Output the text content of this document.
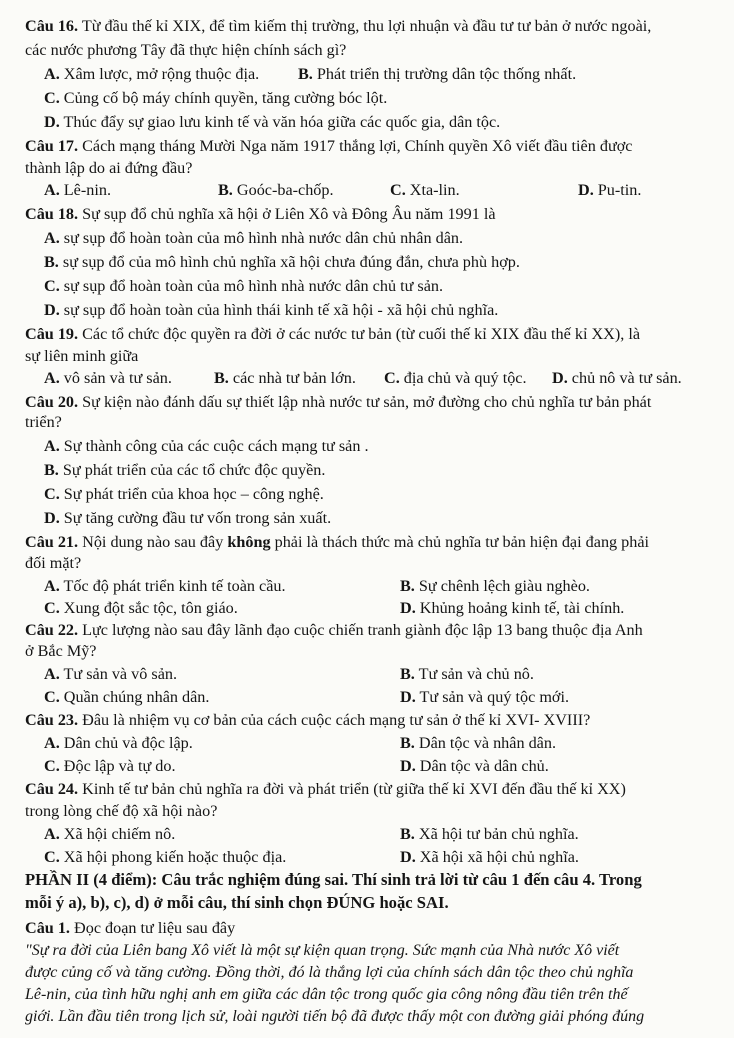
Câu 16. Từ đầu thế kỉ XIX, để tìm kiếm thị trường, thu lợi nhuận và đầu tư tư bản ở nước ngoài,
các nước phương Tây đã thực hiện chính sách gì?
A. Xâm lược, mở rộng thuộc địa. B. Phát triển thị trường dân tộc thống nhất.
C. Củng cố bộ máy chính quyền, tăng cường bóc lột.
D. Thúc đẩy sự giao lưu kinh tế và văn hóa giữa các quốc gia, dân tộc.
Câu 17. Cách mạng tháng Mười Nga năm 1917 thắng lợi, Chính quyền Xô viết đầu tiên được
thành lập do ai đứng đầu?
A. Lê-nin.	B. Goóc-ba-chốp.	C. Xta-lin.	D. Pu-tin.
Câu 18. Sự sụp đổ chủ nghĩa xã hội ở Liên Xô và Đông Âu năm 1991 là
A. sự sụp đổ hoàn toàn của mô hình nhà nước dân chủ nhân dân.
B. sự sụp đổ của mô hình chủ nghĩa xã hội chưa đúng đắn, chưa phù hợp.
C. sự sụp đổ hoàn toàn của mô hình nhà nước dân chủ tư sản.
D. sự sụp đổ hoàn toàn của hình thái kinh tế xã hội - xã hội chủ nghĩa.
Câu 19. Các tổ chức độc quyền ra đời ở các nước tư bản (từ cuối thế kỉ XIX đầu thế kỉ XX), là
sự liên minh giữa
A. vô sản và tư sản.	B. các nhà tư bản lớn. C. địa chủ và quý tộc. D. chủ nô và tư sản.
Câu 20. Sự kiện nào đánh dấu sự thiết lập nhà nước tư sản, mở đường cho chủ nghĩa tư bản phát
triển?
A. Sự thành công của các cuộc cách mạng tư sản .
B. Sự phát triển của các tổ chức độc quyền.
C. Sự phát triển của khoa học – công nghệ.
D. Sự tăng cường đầu tư vốn trong sản xuất.
Câu 21. Nội dung nào sau đây không phải là thách thức mà chủ nghĩa tư bản hiện đại đang phải
đối mặt?
A. Tốc độ phát triển kinh tế toàn cầu.	B. Sự chênh lệch giàu nghèo.
C. Xung đột sắc tộc, tôn giáo.	D. Khủng hoảng kinh tế, tài chính.
Câu 22. Lực lượng nào sau đây lãnh đạo cuộc chiến tranh giành độc lập 13 bang thuộc địa Anh
ở Bắc Mỹ?
A. Tư sản và vô sản.	B. Tư sản và chủ nô.
C. Quần chúng nhân dân.	D. Tư sản và quý tộc mới.
Câu 23. Đâu là nhiệm vụ cơ bản của cách cuộc cách mạng tư sản ở thế kỉ XVI- XVIII?
A. Dân chủ và độc lập.	B. Dân tộc và nhân dân.
C. Độc lập và tự do.	D. Dân tộc và dân chủ.
Câu 24. Kinh tế tư bản chủ nghĩa ra đời và phát triển (từ giữa thế kỉ XVI đến đầu thế kỉ XX)
trong lòng chế độ xã hội nào?
A. Xã hội chiếm nô.	B. Xã hội tư bản chủ nghĩa.
C. Xã hội phong kiến hoặc thuộc địa.	D. Xã hội xã hội chủ nghĩa.
PHẦN II (4 điểm): Câu trắc nghiệm đúng sai. Thí sinh trả lời từ câu 1 đến câu 4. Trong
mỗi ý a), b), c), d) ở mỗi câu, thí sinh chọn ĐÚNG hoặc SAI.
Câu 1. Đọc đoạn tư liệu sau đây
"Sự ra đời của Liên bang Xô viết là một sự kiện quan trọng. Sức mạnh của Nhà nước Xô viết
được củng cố và tăng cường. Đồng thời, đó là thắng lợi của chính sách dân tộc theo chủ nghĩa
Lê-nin, của tình hữu nghị anh em giữa các dân tộc trong quốc gia công nông đầu tiên trên thế
giới. Lần đầu tiên trong lịch sử, loài người tiến bộ đã được thấy một con đường giải phóng đúng
